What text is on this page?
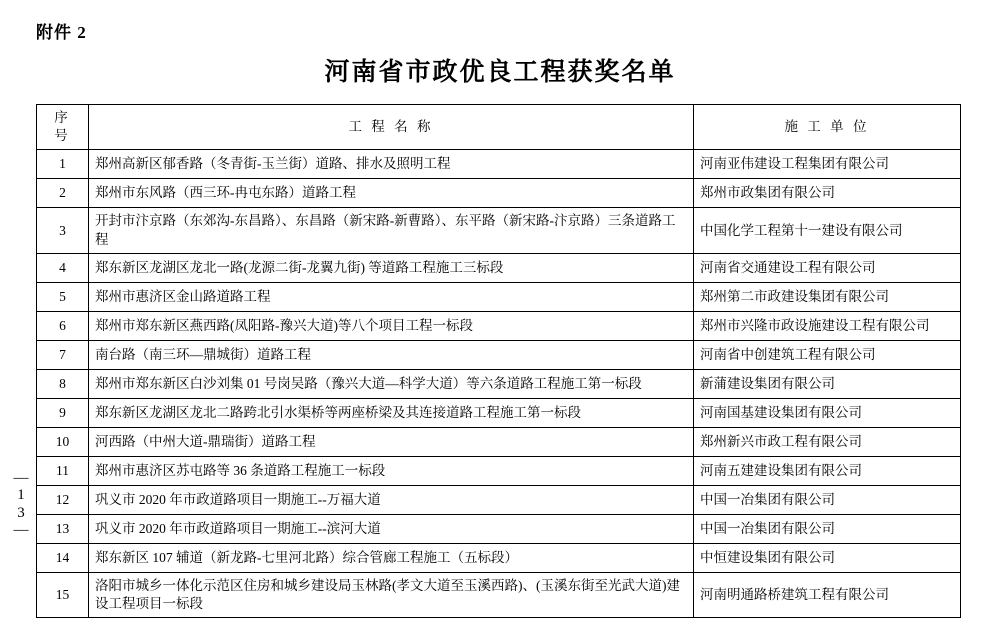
附件 2
河南省市政优良工程获奖名单
—
1
3
—
序 号	工 程 名 称	施 工 单 位
1	郑州高新区郁香路（冬青街-玉兰街）道路、排水及照明工程	河南亚伟建设工程集团有限公司
2	郑州市东风路（西三环-冉屯东路）道路工程	郑州市政集团有限公司
3	开封市汴京路（东郊沟-东昌路）、东昌路（新宋路-新曹路）、东平路（新宋路-汴京路）三条道路工程	中国化学工程第十一建设有限公司
4	郑东新区龙湖区龙北一路(龙源二街-龙翼九街) 等道路工程施工三标段	河南省交通建设工程有限公司
5	郑州市惠济区金山路道路工程	郑州第二市政建设集团有限公司
6	郑州市郑东新区燕西路(凤阳路-豫兴大道)等八个项目工程一标段	郑州市兴隆市政设施建设工程有限公司
7	南台路（南三环—鼎城街）道路工程	河南省中创建筑工程有限公司
8	郑州市郑东新区白沙刘集 01 号岗吴路（豫兴大道—科学大道）等六条道路工程施工第一标段	新蒲建设集团有限公司
9	郑东新区龙湖区龙北二路跨北引水渠桥等两座桥梁及其连接道路工程施工第一标段	河南国基建设集团有限公司
10	河西路（中州大道-鼎瑞街）道路工程	郑州新兴市政工程有限公司
11	郑州市惠济区苏屯路等 36 条道路工程施工一标段	河南五建建设集团有限公司
12	巩义市 2020 年市政道路项目一期施工--万福大道	中国一冶集团有限公司
13	巩义市 2020 年市政道路项目一期施工--滨河大道	中国一冶集团有限公司
14	郑东新区 107 辅道（新龙路-七里河北路）综合管廊工程施工（五标段）	中恒建设集团有限公司
15	洛阳市城乡一体化示范区住房和城乡建设局玉林路(孝文大道至玉溪西路)、(玉溪东街至光武大道)建设工程项目一标段	河南明通路桥建筑工程有限公司
